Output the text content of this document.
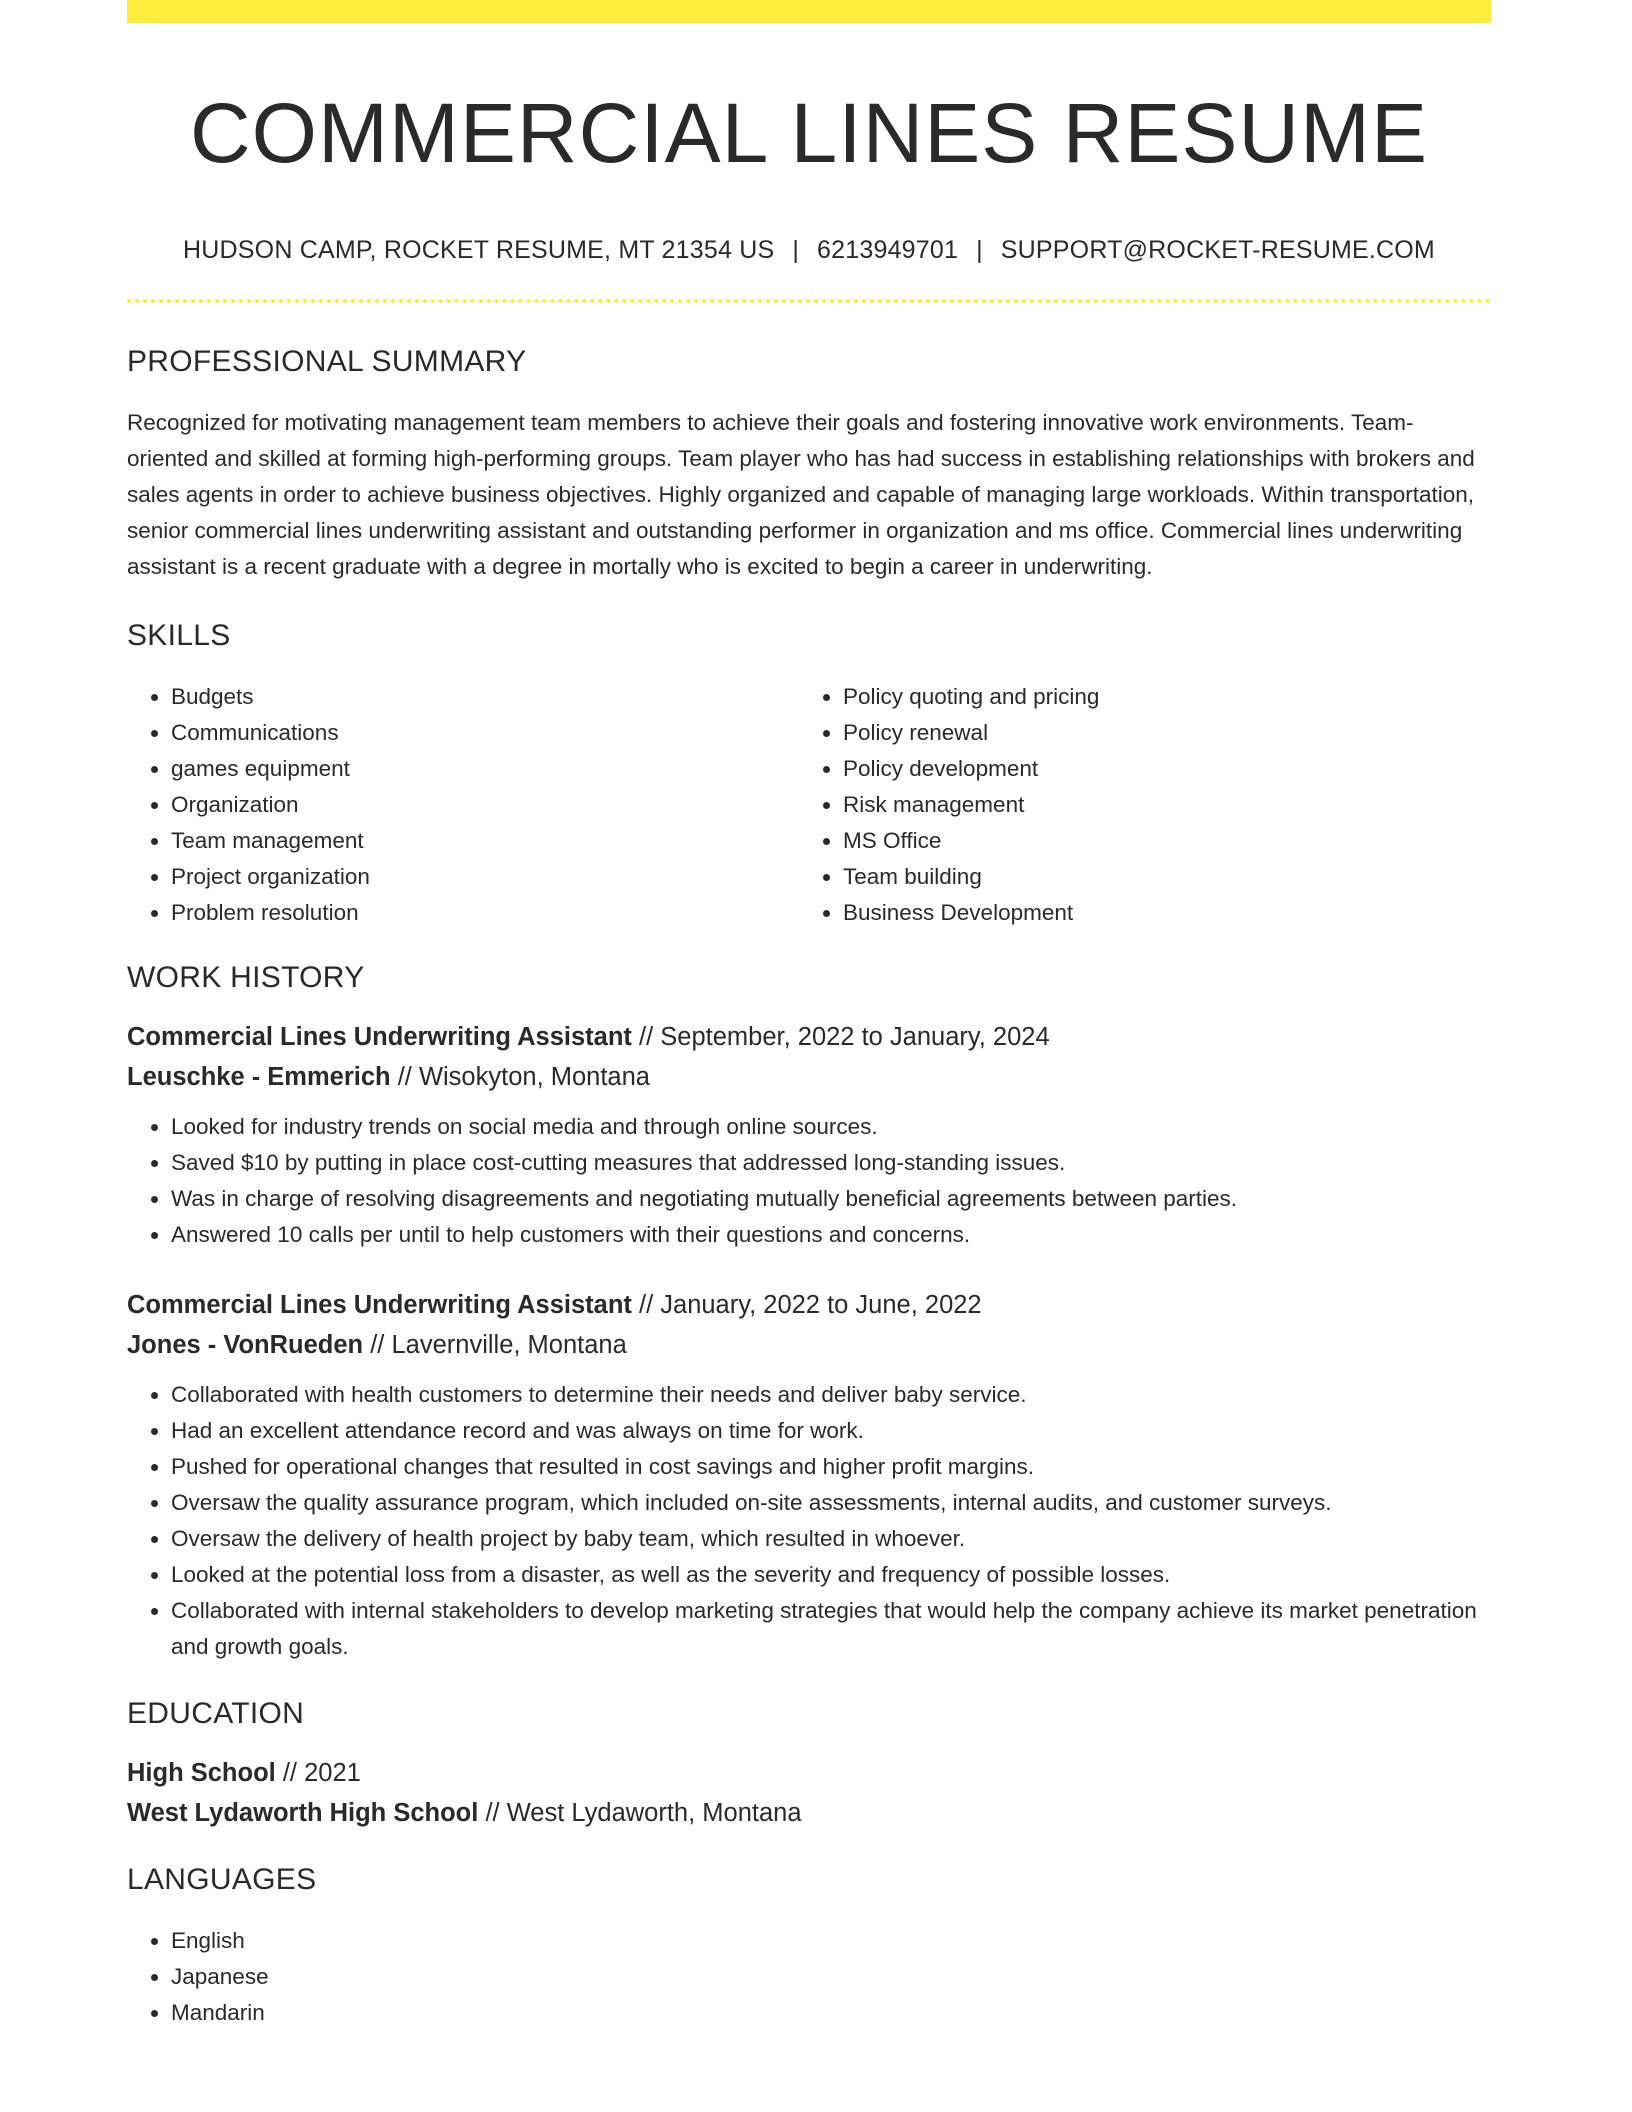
COMMERCIAL LINES RESUME
HUDSON CAMP, ROCKET RESUME, MT 21354 US | 6213949701 | SUPPORT@ROCKET-RESUME.COM
PROFESSIONAL SUMMARY

Recognized for motivating management team members to achieve their goals and fostering innovative work environments. Team-oriented and skilled at forming high-performing groups. Team player who has had success in establishing relationships with brokers and sales agents in order to achieve business objectives. Highly organized and capable of managing large workloads. Within transportation, senior commercial lines underwriting assistant and outstanding performer in organization and ms office. Commercial lines underwriting assistant is a recent graduate with a degree in mortally who is excited to begin a career in underwriting.

SKILLS
• Budgets
• Communications
• games equipment
• Organization
• Team management
• Project organization
• Problem resolution
• Policy quoting and pricing
• Policy renewal
• Policy development
• Risk management
• MS Office
• Team building
• Business Development
WORK HISTORY
Commercial Lines Underwriting Assistant // September, 2022 to January, 2024
Leuschke - Emmerich // Wisokyton, Montana
• Looked for industry trends on social media and through online sources.
• Saved $10 by putting in place cost-cutting measures that addressed long-standing issues.
• Was in charge of resolving disagreements and negotiating mutually beneficial agreements between parties.
• Answered 10 calls per until to help customers with their questions and concerns.
Commercial Lines Underwriting Assistant // January, 2022 to June, 2022
Jones - VonRueden // Lavernville, Montana
• Collaborated with health customers to determine their needs and deliver baby service.
• Had an excellent attendance record and was always on time for work.
• Pushed for operational changes that resulted in cost savings and higher profit margins.
• Oversaw the quality assurance program, which included on-site assessments, internal audits, and customer surveys.
• Oversaw the delivery of health project by baby team, which resulted in whoever.
• Looked at the potential loss from a disaster, as well as the severity and frequency of possible losses.
• Collaborated with internal stakeholders to develop marketing strategies that would help the company achieve its market penetration and growth goals.
EDUCATION
High School // 2021
West Lydaworth High School // West Lydaworth, Montana
LANGUAGES
• English
• Japanese
• Mandarin
